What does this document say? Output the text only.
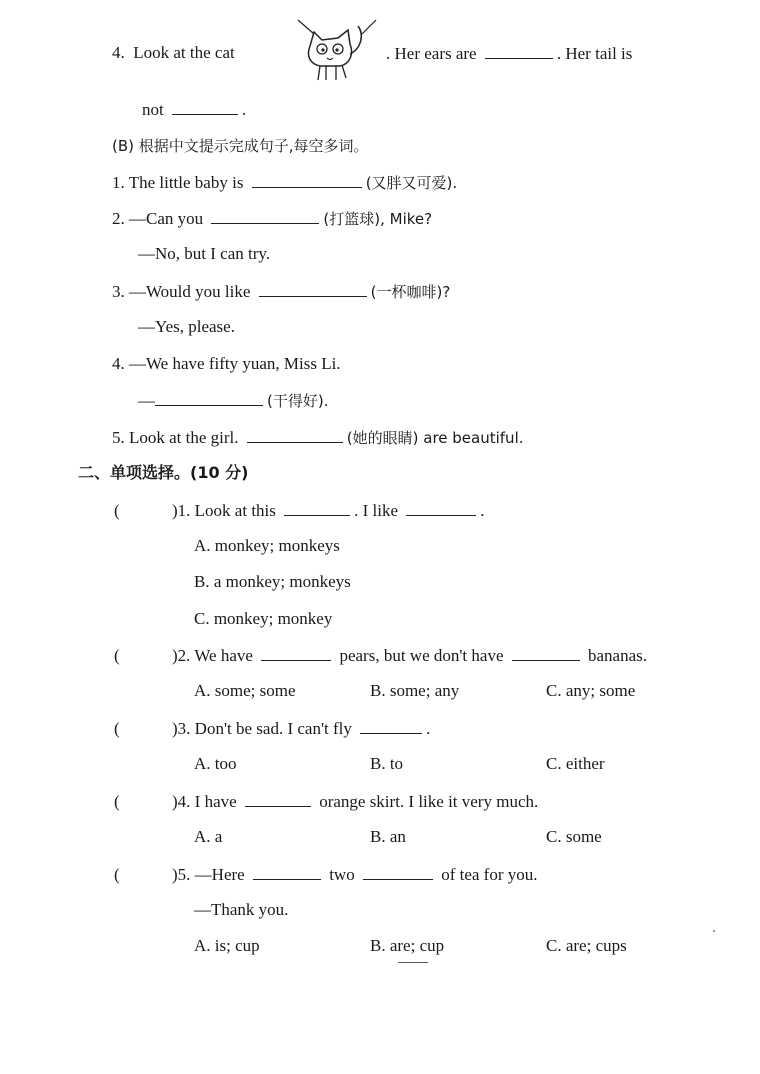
4. Look at the cat	. Her ears are	. Her tail is
not	.
(B) 根据中文提示完成句子,每空多词。
1. The little baby is	(又胖又可爱).
2. —Can you	(打篮球), Mike?
—No, but I can try.
3. —Would you like	(一杯咖啡)?
—Yes, please.
4. —We have fifty yuan, Miss Li.
—	(干得好).
5. Look at the girl.	(她的眼睛) are beautiful.
二、单项选择。(10 分)
(	)1. Look at this	. I like	.
A. monkey; monkeys
B. a monkey; monkeys
C. monkey; monkey
(	)2. We have	pears, but we don't have	bananas.
A. some; some	B. some; any	C. any; some
(	)3. Don't be sad. I can't fly	.
A. too	B. to	C. either
(	)4. I have	orange skirt. I like it very much.
A. a	B. an	C. some
(	)5. —Here	two	of tea for you.
—Thank you.
A. is; cup	B. are; cup	C. are; cups
